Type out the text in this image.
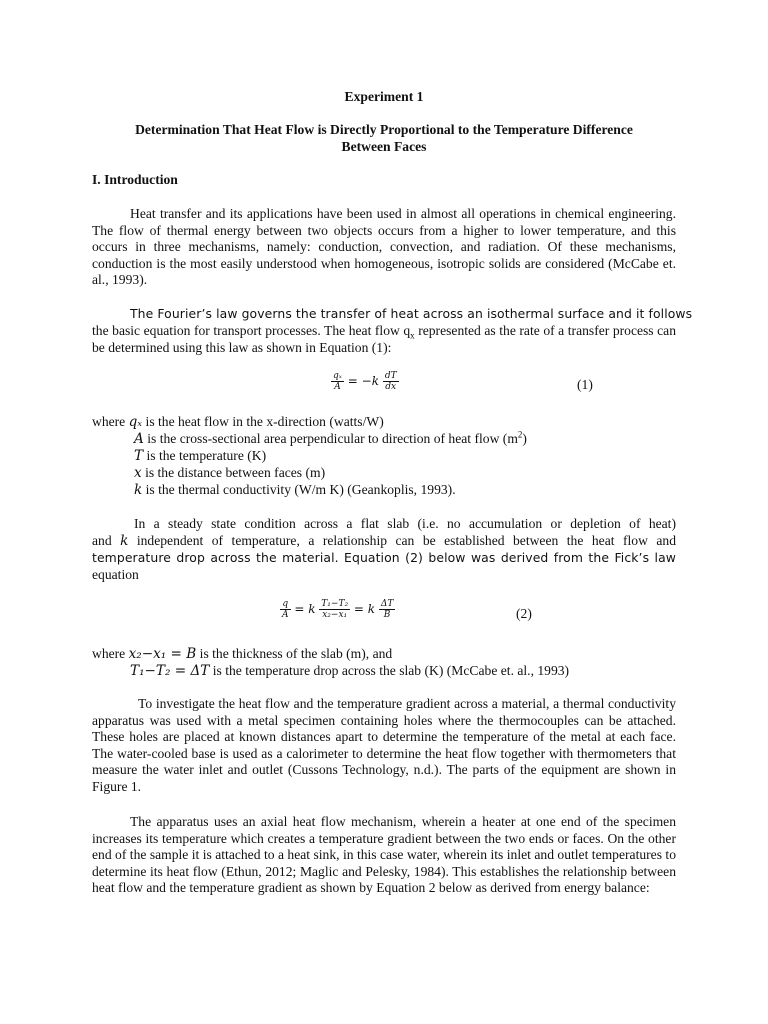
Experiment 1
Determination That Heat Flow is Directly Proportional to the Temperature Difference
Between Faces
I. Introduction

Heat transfer and its applications have been used in almost all operations in chemical engineering. The flow of thermal energy between two objects occurs from a higher to lower temperature, and this occurs in three mechanisms, namely: conduction, convection, and radiation. Of these mechanisms, conduction is the most easily understood when homogeneous, isotropic solids are considered (McCabe et. al., 1993).

The Fourier’s law governs the transfer of heat across an isothermal surface and it follows

the basic equation for transport processes. The heat flow $q_x$ represented as the rate of a transfer process can be determined using this law as shown in Equation (1):

$\frac{\text{qₓ}}{A} = -k \frac{dT}{dx}$	(1)
where qₓ is the heat flow in the x-direction (watts/W)
A is the cross-sectional area perpendicular to direction of heat flow $(m^2)$
T is the temperature (K)
x is the distance between faces (m)
k is the thermal conductivity (W/m K) (Geankoplis, 1993).
In a steady state condition across a flat slab (i.e. no accumulation or depletion of heat)
and k independent of temperature, a relationship can be established between the heat flow and
temperature drop across the material. Equation (2) below was derived from the Fick’s law
equation
$\frac{q}{A} = k \frac{\text{T₁−T₂}}{\text{x₂−x₁}} = k \frac{\Delta T}{B}$	(2)
where x₂−x₁ = B is the thickness of the slab (m), and
T₁−T₂ = ΔT is the temperature drop across the slab (K) (McCabe et. al., 1993)

To investigate the heat flow and the temperature gradient across a material, a thermal conductivity apparatus was used with a metal specimen containing holes where the thermocouples can be attached. These holes are placed at known distances apart to determine the temperature of the metal at each face. The water-cooled base is used as a calorimeter to determine the heat flow together with thermometers that measure the water inlet and outlet (Cussons Technology, n.d.). The parts of the equipment are shown in Figure 1.

The apparatus uses an axial heat flow mechanism, wherein a heater at one end of the specimen increases its temperature which creates a temperature gradient between the two ends or faces. On the other end of the sample it is attached to a heat sink, in this case water, wherein its inlet and outlet temperatures to determine its heat flow (Ethun, 2012; Maglic and Pelesky, 1984). This establishes the relationship between heat flow and the temperature gradient as shown by Equation 2 below as derived from energy balance:
